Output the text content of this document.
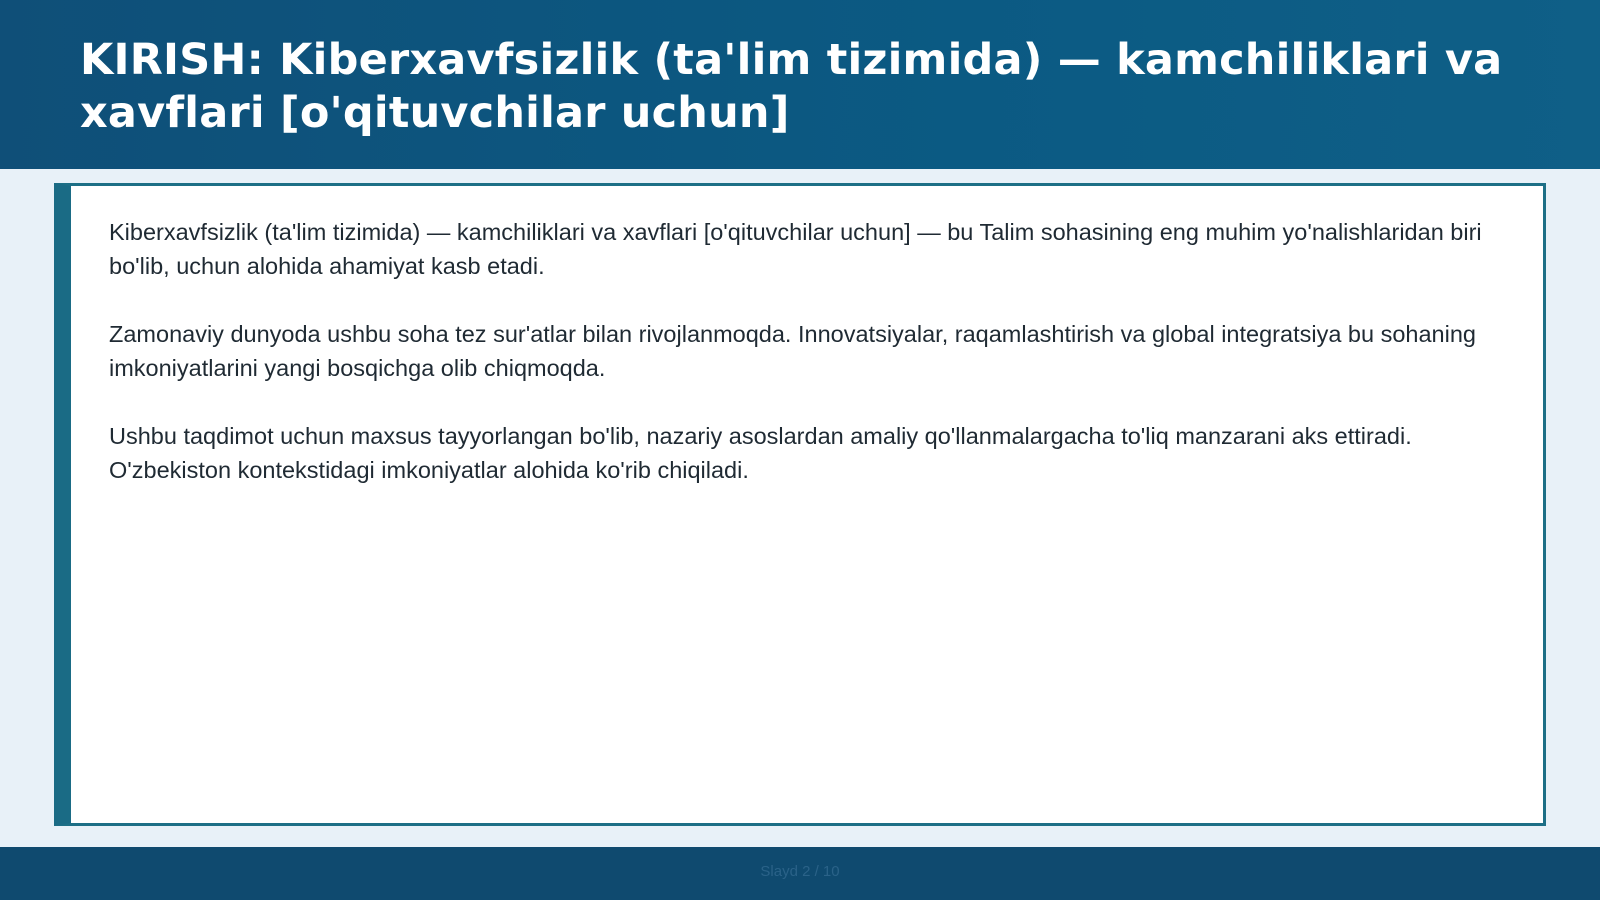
KIRISH: Kiberxavfsizlik (ta'lim tizimida) — kamchiliklari va xavflari [o'qituvchilar uchun]

Kiberxavfsizlik (ta'lim tizimida) — kamchiliklari va xavflari [o'qituvchilar uchun] — bu Talim sohasining eng muhim yo'nalishlaridan biri bo'lib, uchun alohida ahamiyat kasb etadi.

Zamonaviy dunyoda ushbu soha tez sur'atlar bilan rivojlanmoqda. Innovatsiyalar, raqamlashtirish va global integratsiya bu sohaning imkoniyatlarini yangi bosqichga olib chiqmoqda.

Ushbu taqdimot uchun maxsus tayyorlangan bo'lib, nazariy asoslardan amaliy qo'llanmalargacha to'liq manzarani aks ettiradi. O'zbekiston kontekstidagi imkoniyatlar alohida ko'rib chiqiladi.

Slayd 2 / 10
